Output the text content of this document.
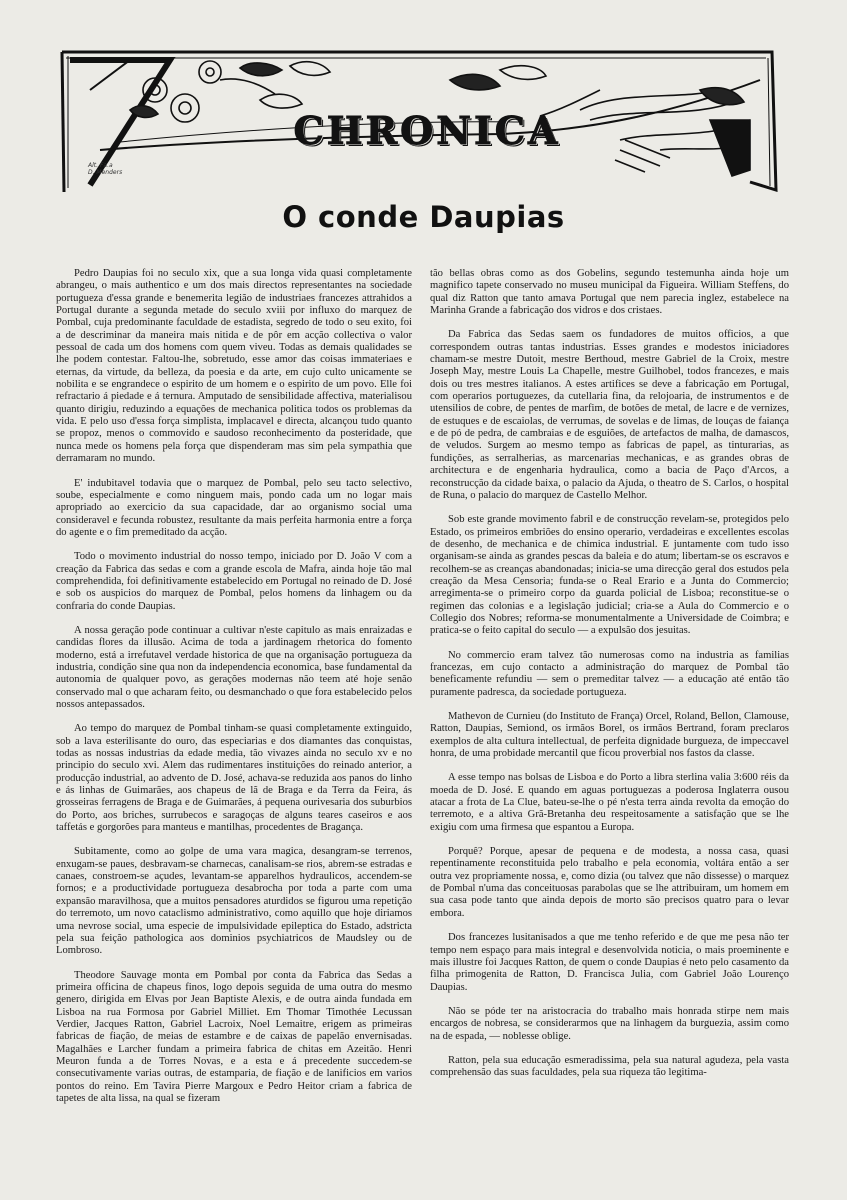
CHRONICA
Alt. Fa.a
D. Menders
O conde Daupias

Pedro Daupias foi no seculo xix, que a sua longa vida quasi completamente abrangeu, o mais authentico e um dos mais directos representantes na sociedade portugueza d'essa grande e benemerita legião de industriaes francezes attrahidos a Portugal durante a segunda metade do seculo xviii por influxo do marquez de Pombal, cuja predominante faculdade de estadista, segredo de todo o seu exito, foi a de descriminar da maneira mais nitida e de pôr em acção collectiva o valor pessoal de cada um dos homens com quem viveu. Todas as demais qualidades se lhe podem contestar. Faltou-lhe, sobretudo, esse amor das coisas immateriaes e eternas, da virtude, da belleza, da poesia e da arte, em cujo culto unicamente se nobilita e se engrandece o espirito de um homem e o espirito de um povo. Elle foi refractario á piedade e á ternura. Amputado de sensibilidade affectiva, materialisou quanto dirigiu, reduzindo a equações de mechanica politica todos os problemas da vida. E pelo uso d'essa força simplista, implacavel e directa, alcançou tudo quanto se propoz, menos o commovido e saudoso reconhecimento da posteridade, que nunca mede os homens pela força que dispenderam mas sim pela sympathia que derramaram no mundo.

E' indubitavel todavia que o marquez de Pombal, pelo seu tacto selectivo, soube, especialmente e como ninguem mais, pondo cada um no logar mais apropriado ao exercicio da sua capacidade, dar ao organismo social uma consideravel e fecunda robustez, resultante da mais perfeita harmonia entre a força do agente e o fim premeditado da acção.

Todo o movimento industrial do nosso tempo, iniciado por D. João V com a creação da Fabrica das sedas e com a grande escola de Mafra, ainda hoje tão mal comprehendida, foi definitivamente estabelecido em Portugal no reinado de D. José e sob os auspicios do marquez de Pombal, pelos homens da linhagem ou da confraria do conde Daupias.

A nossa geração pode continuar a cultivar n'este capitulo as mais enraizadas e candidas flores da illusão. Acima de toda a jardinagem rhetorica do fomento moderno, está a irrefutavel verdade historica de que na organisação portugueza da industria, condição sine qua non da independencia economica, base fundamental da autonomia de qualquer povo, as gerações modernas não teem até hoje senão conservado mal o que acharam feito, ou desmanchado o que fora estabelecido pelos nossos antepassados.

Ao tempo do marquez de Pombal tinham-se quasi completamente extinguido, sob a lava esterilisante do ouro, das especiarias e dos diamantes das conquistas, todas as nossas industrias da edade media, tão vivazes ainda no seculo xv e no principio do seculo xvi. Alem das rudimentares instituições do reinado anterior, a producção industrial, ao advento de D. José, achava-se reduzida aos panos do linho e ás linhas de Guimarães, aos chapeus de lã de Braga e da Terra da Feira, ás grosseiras ferragens de Braga e de Guimarães, á pequena ourivesaria dos suburbios do Porto, aos briches, surrubecos e saragoças de alguns teares caseiros e aos taffetás e gorgorões para manteus e mantilhas, procedentes de Bragança.

Subitamente, como ao golpe de uma vara magica, desangram-se terrenos, enxugam-se paues, desbravam-se charnecas, canalisam-se rios, abrem-se estradas e canaes, constroem-se açudes, levantam-se apparelhos hydraulicos, accendem-se fornos; e a productividade portugueza desabrocha por toda a parte com uma expansão maravilhosa, que a muitos pensadores aturdidos se figurou uma repetição do terremoto, um novo cataclismo administrativo, como aquillo que hoje diriamos uma nevrose social, uma especie de impulsividade epileptica do Estado, adstricta pela sua feição pathologica aos dominios psychiatricos de Maudsley ou de Lombroso.

Theodore Sauvage monta em Pombal por conta da Fabrica das Sedas a primeira officina de chapeus finos, logo depois seguida de uma outra do mesmo genero, dirigida em Elvas por Jean Baptiste Alexis, e de outra ainda fundada em Lisboa na rua Formosa por Gabriel Milliet. Em Thomar Timothée Lecussan Verdier, Jacques Ratton, Gabriel Lacroix, Noel Lemaitre, erigem as primeiras fabricas de fiação, de meias de estambre e de caixas de papelão envernisadas. Magalhães e Larcher fundam a primeira fabrica de chitas em Azeitão. Henri Meuron funda a de Torres Novas, e a esta e á precedente succedem-se consecutivamente varias outras, de estamparia, de fiação e de lanificios em varios pontos do reino. Em Tavira Pierre Margoux e Pedro Heitor criam a fabrica de tapetes de alta lissa, na qual se fizeram

tão bellas obras como as dos Gobelins, segundo testemunha ainda hoje um magnifico tapete conservado no museu municipal da Figueira. William Steffens, do qual diz Ratton que tanto amava Portugal que nem parecia inglez, estabelece na Marinha Grande a fabricação dos vidros e dos cristaes.

Da Fabrica das Sedas saem os fundadores de muitos officios, a que correspondem outras tantas industrias. Esses grandes e modestos iniciadores chamam-se mestre Dutoit, mestre Berthoud, mestre Gabriel de la Croix, mestre Joseph May, mestre Louis La Chapelle, mestre Guilhobel, todos francezes, e mais dois ou tres mestres italianos. A estes artifices se deve a fabricação em Portugal, com operarios portuguezes, da cutellaria fina, da relojoaria, de instrumentos e de utensilios de cobre, de pentes de marfim, de botões de metal, de lacre e de vernizes, de estuques e de escaiolas, de verrumas, de sovelas e de limas, de louças de faiança e de pó de pedra, de cambraias e de esguiões, de artefactos de malha, de damascos, de veludos. Surgem ao mesmo tempo as fabricas de papel, as tinturarias, as fundições, as serralherias, as marcenarias mechanicas, e as grandes obras de architectura e de engenharia hydraulica, como a bacia de Paço d'Arcos, a reconstrucção da cidade baixa, o palacio da Ajuda, o theatro de S. Carlos, o hospital de Runa, o palacio do marquez de Castello Melhor.

Sob este grande movimento fabril e de construcção revelam-se, protegidos pelo Estado, os primeiros embriões do ensino operario, verdadeiras e excellentes escolas de desenho, de mechanica e de chimica industrial. E juntamente com tudo isso organisam-se ainda as grandes pescas da baleia e do atum; libertam-se os escravos e recolhem-se as creanças abandonadas; inicia-se uma direcção geral dos estudos pela creação da Mesa Censoria; funda-se o Real Erario e a Junta do Commercio; arregimenta-se o primeiro corpo da guarda policial de Lisboa; reconstitue-se o regimen das colonias e a legislação judicial; cria-se a Aula do Commercio e o Collegio dos Nobres; reforma-se monumentalmente a Universidade de Coimbra; e pratica-se o feito capital do seculo — a expulsão dos jesuitas.

No commercio eram talvez tão numerosas como na industria as familias francezas, em cujo contacto a administração do marquez de Pombal tão beneficamente refundiu — sem o premeditar talvez — a educação até então tão puramente padresca, da sociedade portugueza.

Mathevon de Curnieu (do Instituto de França) Orcel, Roland, Bellon, Clamouse, Ratton, Daupias, Semiond, os irmãos Borel, os irmãos Bertrand, foram preclaros exemplos de alta cultura intellectual, de perfeita dignidade burgueza, de impeccavel honra, de uma probidade mercantil que ficou proverbial nos fastos da classe.

A esse tempo nas bolsas de Lisboa e do Porto a libra sterlina valia 3:600 réis da moeda de D. José. E quando em aguas portuguezas a poderosa Inglaterra ousou atacar a frota de La Clue, bateu-se-lhe o pé n'esta terra ainda revolta da emoção do terremoto, e a altiva Grã-Bretanha deu respeitosamente a satisfação que se lhe exigiu com uma firmesa que espantou a Europa.

Porquê? Porque, apesar de pequena e de modesta, a nossa casa, quasi repentinamente reconstituida pelo trabalho e pela economia, voltára então a ser outra vez propriamente nossa, e, como dizia (ou talvez que não dissesse) o marquez de Pombal n'uma das conceituosas parabolas que se lhe attribuiram, um homem em sua casa pode tanto que ainda depois de morto são precisos quatro para o levar embora.

Dos francezes lusitanisados a que me tenho referido e de que me pesa não ter tempo nem espaço para mais integral e desenvolvida noticia, o mais proeminente e mais illustre foi Jacques Ratton, de quem o conde Daupias é neto pelo casamento da filha primogenita de Ratton, D. Francisca Julia, com Gabriel João Lourenço Daupias.

Não se póde ter na aristocracia do trabalho mais honrada stirpe nem mais encargos de nobresa, se considerarmos que na linhagem da burguezia, assim como na de espada, — noblesse oblige.

Ratton, pela sua educação esmeradissima, pela sua natural agudeza, pela vasta comprehensão das suas faculdades, pela sua riqueza tão legitima-
